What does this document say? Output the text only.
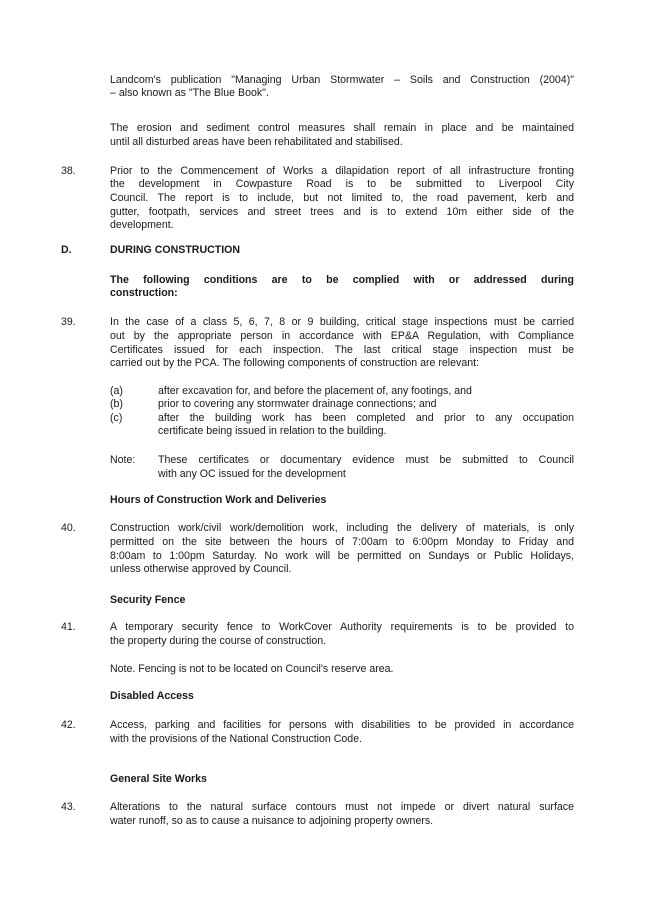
Landcom's publication "Managing Urban Stormwater – Soils and Construction (2004)"

– also known as "The Blue Book".

The erosion and sediment control measures shall remain in place and be maintained

until all disturbed areas have been rehabilitated and stabilised.

38.	Prior to the Commencement of Works a dilapidation report of all infrastructure fronting

the development in Cowpasture Road is to be submitted to Liverpool City

Council. The report is to include, but not limited to, the road pavement, kerb and

gutter, footpath, services and street trees and is to extend 10m either side of the

development.

D.	DURING CONSTRUCTION

The following conditions are to be complied with or addressed during

construction:

39.	In the case of a class 5, 6, 7, 8 or 9 building, critical stage inspections must be carried

out by the appropriate person in accordance with EP&A Regulation, with Compliance

Certificates issued for each inspection. The last critical stage inspection must be

carried out by the PCA. The following components of construction are relevant:

(a)	after excavation for, and before the placement of, any footings, and

(b)	prior to covering any stormwater drainage connections; and

(c)	after the building work has been completed and prior to any occupation

certificate being issued in relation to the building.

Note: These certificates or documentary evidence must be submitted to Council

with any OC issued for the development

Hours of Construction Work and Deliveries

40.	Construction work/civil work/demolition work, including the delivery of materials, is only

permitted on the site between the hours of 7:00am to 6:00pm Monday to Friday and

8:00am to 1:00pm Saturday. No work will be permitted on Sundays or Public Holidays,

unless otherwise approved by Council.

Security Fence

41.	A temporary security fence to WorkCover Authority requirements is to be provided to

the property during the course of construction.

Note. Fencing is not to be located on Council's reserve area.

Disabled Access

42.	Access, parking and facilities for persons with disabilities to be provided in accordance

with the provisions of the National Construction Code.

General Site Works

43.	Alterations to the natural surface contours must not impede or divert natural surface

water runoff, so as to cause a nuisance to adjoining property owners.
